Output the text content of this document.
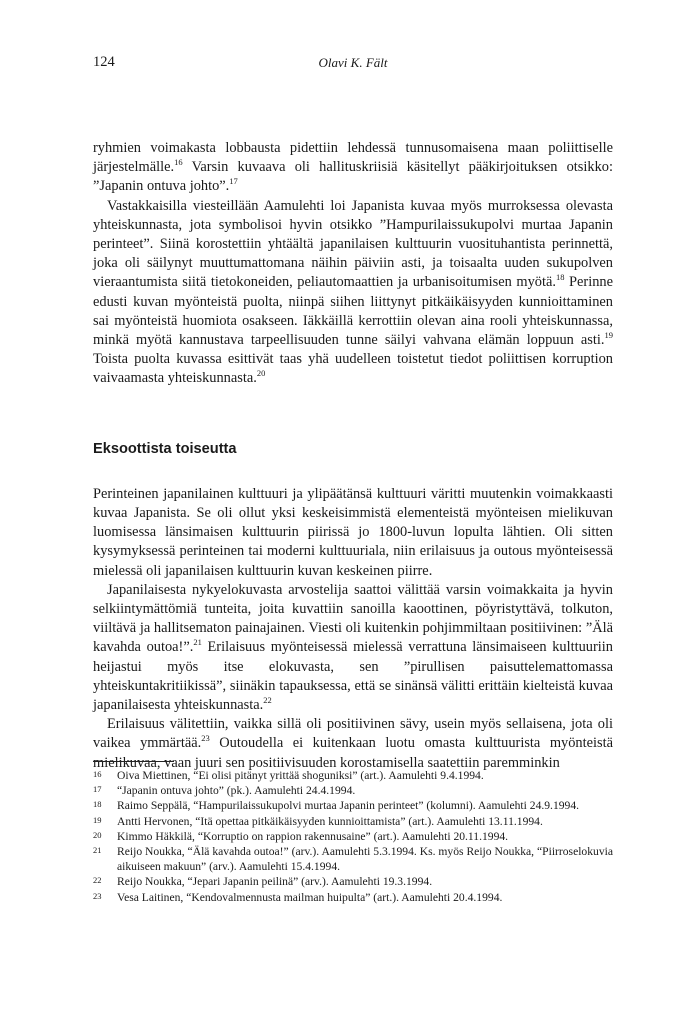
124	Olavi K. Fält

ryhmien voimakasta lobbausta pidettiin lehdessä tunnusomaisena maan poliittiselle järjestelmälle.$^{16}$ Varsin kuvaava oli hallituskriisiä käsitellyt pääkirjoituksen otsikko: ”Japanin ontuva johto”.$^{17}$

Vastakkaisilla viesteillään Aamulehti loi Japanista kuvaa myös murroksessa olevasta yhteiskunnasta, jota symbolisoi hyvin otsikko ”Hampurilaissukupolvi murtaa Japanin perinteet”. Siinä korostettiin yhtäältä japanilaisen kulttuurin vuosituhantista perinnettä, joka oli säilynyt muuttumattomana näihin päiviin asti, ja toisaalta uuden sukupolven vieraantumista siitä tietokoneiden, peliautomaattien ja urbanisoitumisen myötä.$^{18}$ Perinne edusti kuvan myönteistä puolta, niinpä siihen liittynyt pitkäikäisyyden kunnioittaminen sai myönteistä huomiota osakseen. Iäkkäillä kerrottiin olevan aina rooli yhteiskunnassa, minkä myötä kannustava tarpeellisuuden tunne säilyi vahvana elämän loppuun asti.$^{19}$ Toista puolta kuvassa esittivät taas yhä uudelleen toistetut tiedot poliittisen korruption vaivaamasta yhteiskunnasta.$^{20}$

Eksoottista toiseutta

Perinteinen japanilainen kulttuuri ja ylipäätänsä kulttuuri väritti muutenkin voimakkaasti kuvaa Japanista. Se oli ollut yksi keskeisimmistä elementeistä myönteisen mielikuvan luomisessa länsimaisen kulttuurin piirissä jo 1800-luvun lopulta lähtien. Oli sitten kysymyksessä perinteinen tai moderni kulttuuriala, niin erilaisuus ja outous myönteisessä mielessä oli japanilaisen kulttuurin kuvan keskeinen piirre.

Japanilaisesta nykyelokuvasta arvostelija saattoi välittää varsin voimakkaita ja hyvin selkiintymättömiä tunteita, joita kuvattiin sanoilla kaoottinen, pöyristyttävä, tolkuton, viiltävä ja hallitsematon painajainen. Viesti oli kuitenkin pohjimmiltaan positiivinen: ”Älä kavahda outoa!”.$^{21}$ Erilaisuus myönteisessä mielessä verrattuna länsimaiseen kulttuuriin heijastui myös itse elokuvasta, sen ”pirullisen paisuttelemattomassa yhteiskuntakritiikissä”, siinäkin tapauksessa, että se sinänsä välitti erittäin kielteistä kuvaa japanilaisesta yhteiskunnasta.$^{22}$

Erilaisuus välitettiin, vaikka sillä oli positiivinen sävy, usein myös sellaisena, jota oli vaikea ymmärtää.$^{23}$ Outoudella ei kuitenkaan luotu omasta kulttuurista myönteistä mielikuvaa, vaan juuri sen positiivisuuden korostamisella saatettiin paremminkin

16 Oiva Miettinen, “Ei olisi pitänyt yrittää shoguniksi” (art.). Aamulehti 9.4.1994.
17 “Japanin ontuva johto” (pk.). Aamulehti 24.4.1994.
18 Raimo Seppälä, “Hampurilaissukupolvi murtaa Japanin perinteet” (kolumni). Aamulehti 24.9.1994.
19 Antti Hervonen, “Itä opettaa pitkäikäisyyden kunnioittamista” (art.). Aamulehti 13.11.1994.
20 Kimmo Häkkilä, “Korruptio on rappion rakennusaine” (art.). Aamulehti 20.11.1994.
21 Reijo Noukka, “Älä kavahda outoa!” (arv.). Aamulehti 5.3.1994. Ks. myös Reijo Noukka, “Piirroselokuvia aikuiseen makuun” (arv.). Aamulehti 15.4.1994.
22 Reijo Noukka, “Jepari Japanin peilinä” (arv.). Aamulehti 19.3.1994.
23 Vesa Laitinen, “Kendovalmennusta mailman huipulta” (art.). Aamulehti 20.4.1994.
